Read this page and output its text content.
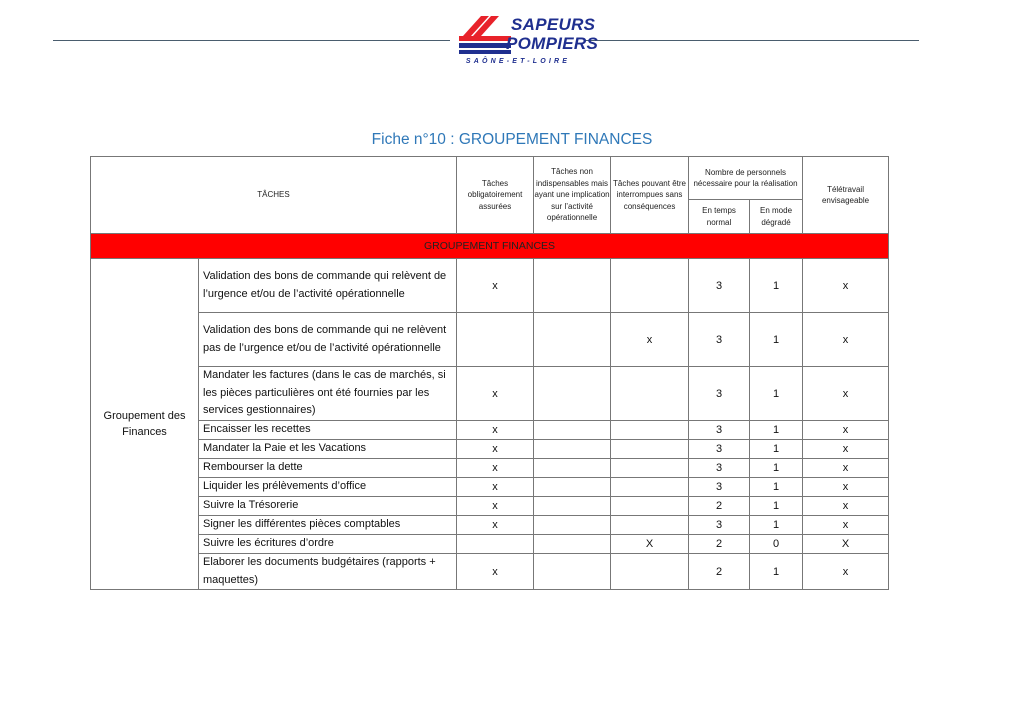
SAPEURS
POMPIERS
SAÔNE-ET-LOIRE
Fiche n°10 : GROUPEMENT FINANCES
TÂCHES		Tâches obligatoirement assurées	Tâches non indispensables mais ayant une implication sur l’activité opérationnelle	Tâches pouvant être interrompues sans conséquences	Nombre de personnels nécessaire pour la réalisation		Télétravail envisageable
					En temps normal	En mode dégradé	
GROUPEMENT FINANCES							
Groupement des Finances	Validation des bons de commande qui relèvent de l’urgence et/ou de l’activité opérationnelle	x			3	1	x
	Validation des bons de commande qui ne relèvent pas de l’urgence et/ou de l’activité opérationnelle			x	3	1	x
	Mandater les factures (dans le cas de marchés, si les pièces particulières ont été fournies par les services gestionnaires)	x			3	1	x
	Encaisser les recettes	x			3	1	x
	Mandater la Paie et les Vacations	x			3	1	x
	Rembourser la dette	x			3	1	x
	Liquider les prélèvements d’office	x			3	1	x
	Suivre la Trésorerie	x			2	1	x
	Signer les différentes pièces comptables	x			3	1	x
	Suivre les écritures d’ordre			X	2	0	X
	Elaborer les documents budgétaires (rapports + maquettes)	x			2	1	x
